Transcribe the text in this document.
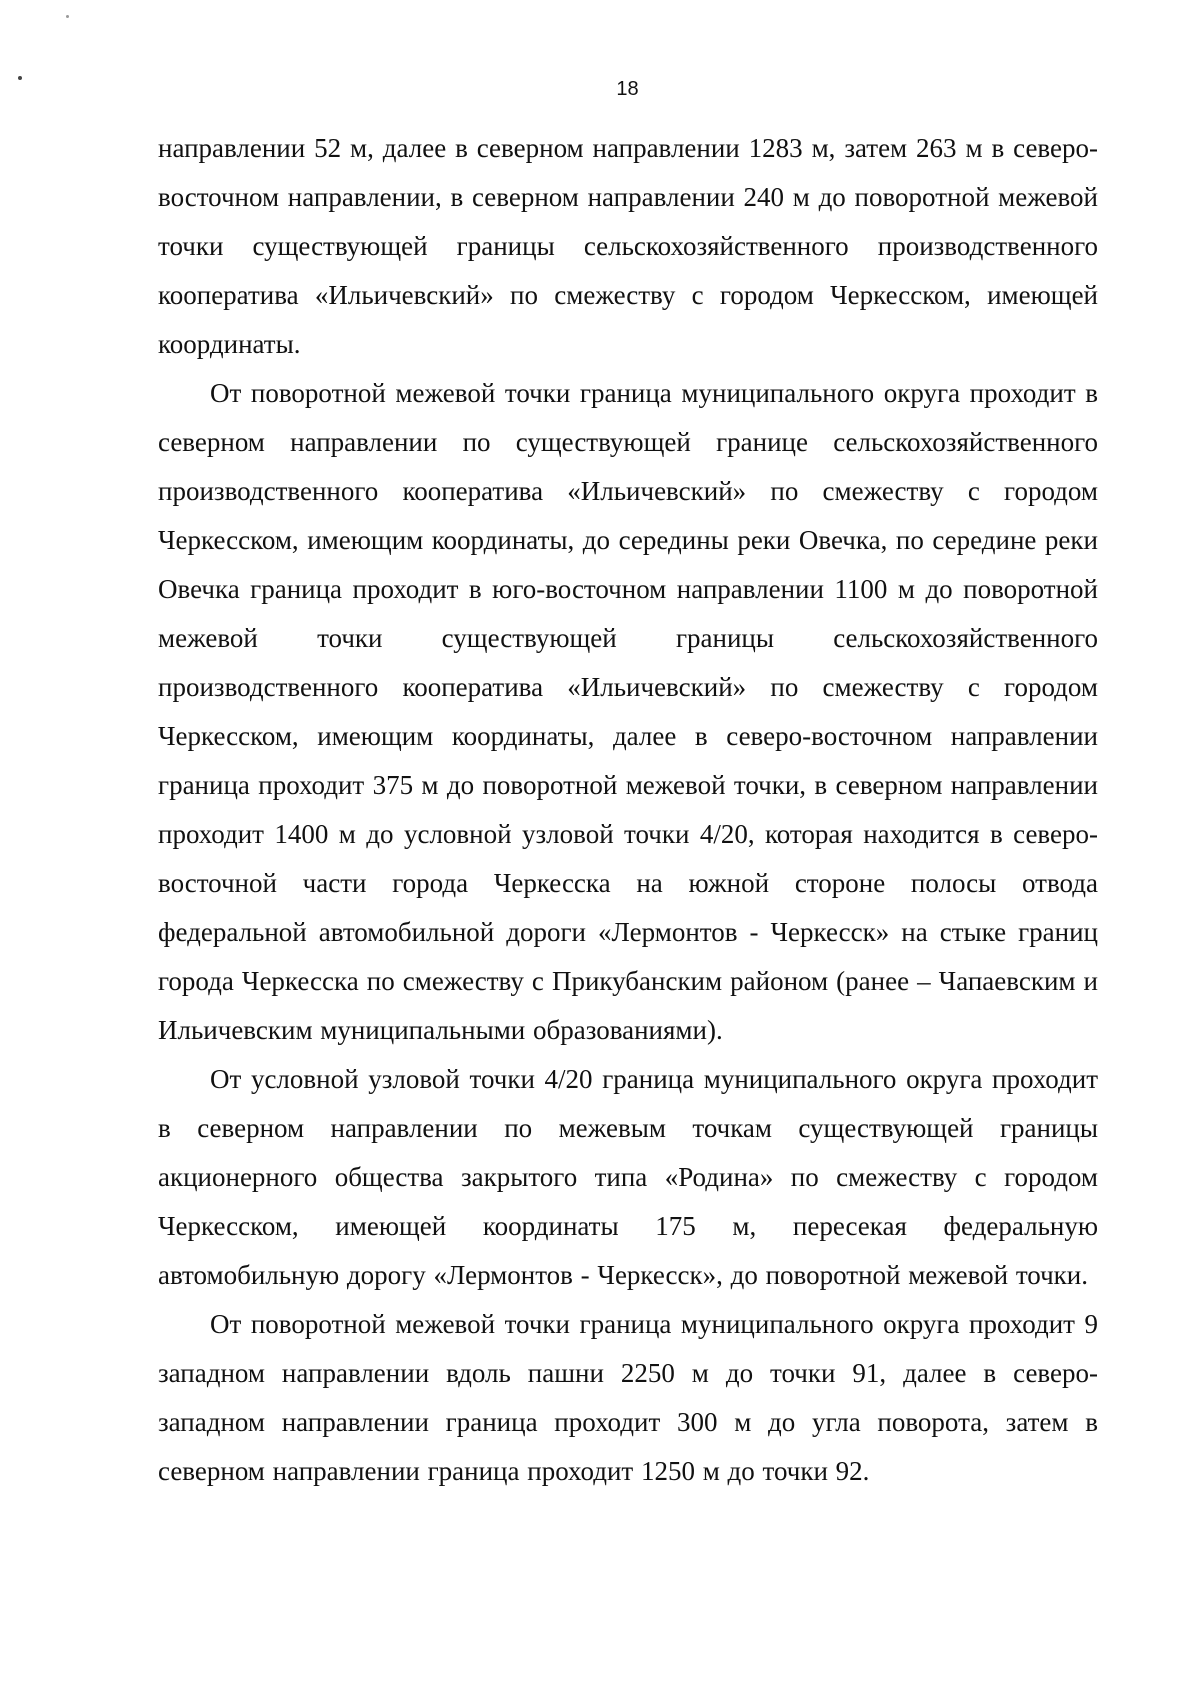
18

направлении 52 м, далее в северном направлении 1283 м, затем 263 м в северо-восточном направлении, в северном направлении 240 м до поворотной межевой точки существующей границы сельскохозяйственного производственного кооператива «Ильичевский» по смежеству с городом Черкесском, имеющей координаты.

От поворотной межевой точки граница муниципального округа проходит в северном направлении по существующей границе сельскохозяйственного производственного кооператива «Ильичевский» по смежеству с городом Черкесском, имеющим координаты, до середины реки Овечка, по середине реки Овечка граница проходит в юго-восточном направлении 1100 м до поворотной межевой точки существующей границы сельскохозяйственного производственного кооператива «Ильичевский» по смежеству с городом Черкесском, имеющим координаты, далее в северо-восточном направлении граница проходит 375 м до поворотной межевой точки, в северном направлении проходит 1400 м до условной узловой точки 4/20, которая находится в северо-восточной части города Черкесска на южной стороне полосы отвода федеральной автомобильной дороги «Лермонтов - Черкесск» на стыке границ города Черкесска по смежеству с Прикубанским районом (ранее – Чапаевским и Ильичевским муниципальными образованиями).

От условной узловой точки 4/20 граница муниципального округа проходит в северном направлении по межевым точкам существующей границы акционерного общества закрытого типа «Родина» по смежеству с городом Черкесском, имеющей координаты 175 м, пересекая федеральную автомобильную дорогу «Лермонтов - Черкесск», до поворотной межевой точки.

От поворотной межевой точки граница муниципального округа проходит 9 западном направлении вдоль пашни 2250 м до точки 91, далее в северо-западном направлении граница проходит 300 м до угла поворота, затем в северном направлении граница проходит 1250 м до точки 92.
